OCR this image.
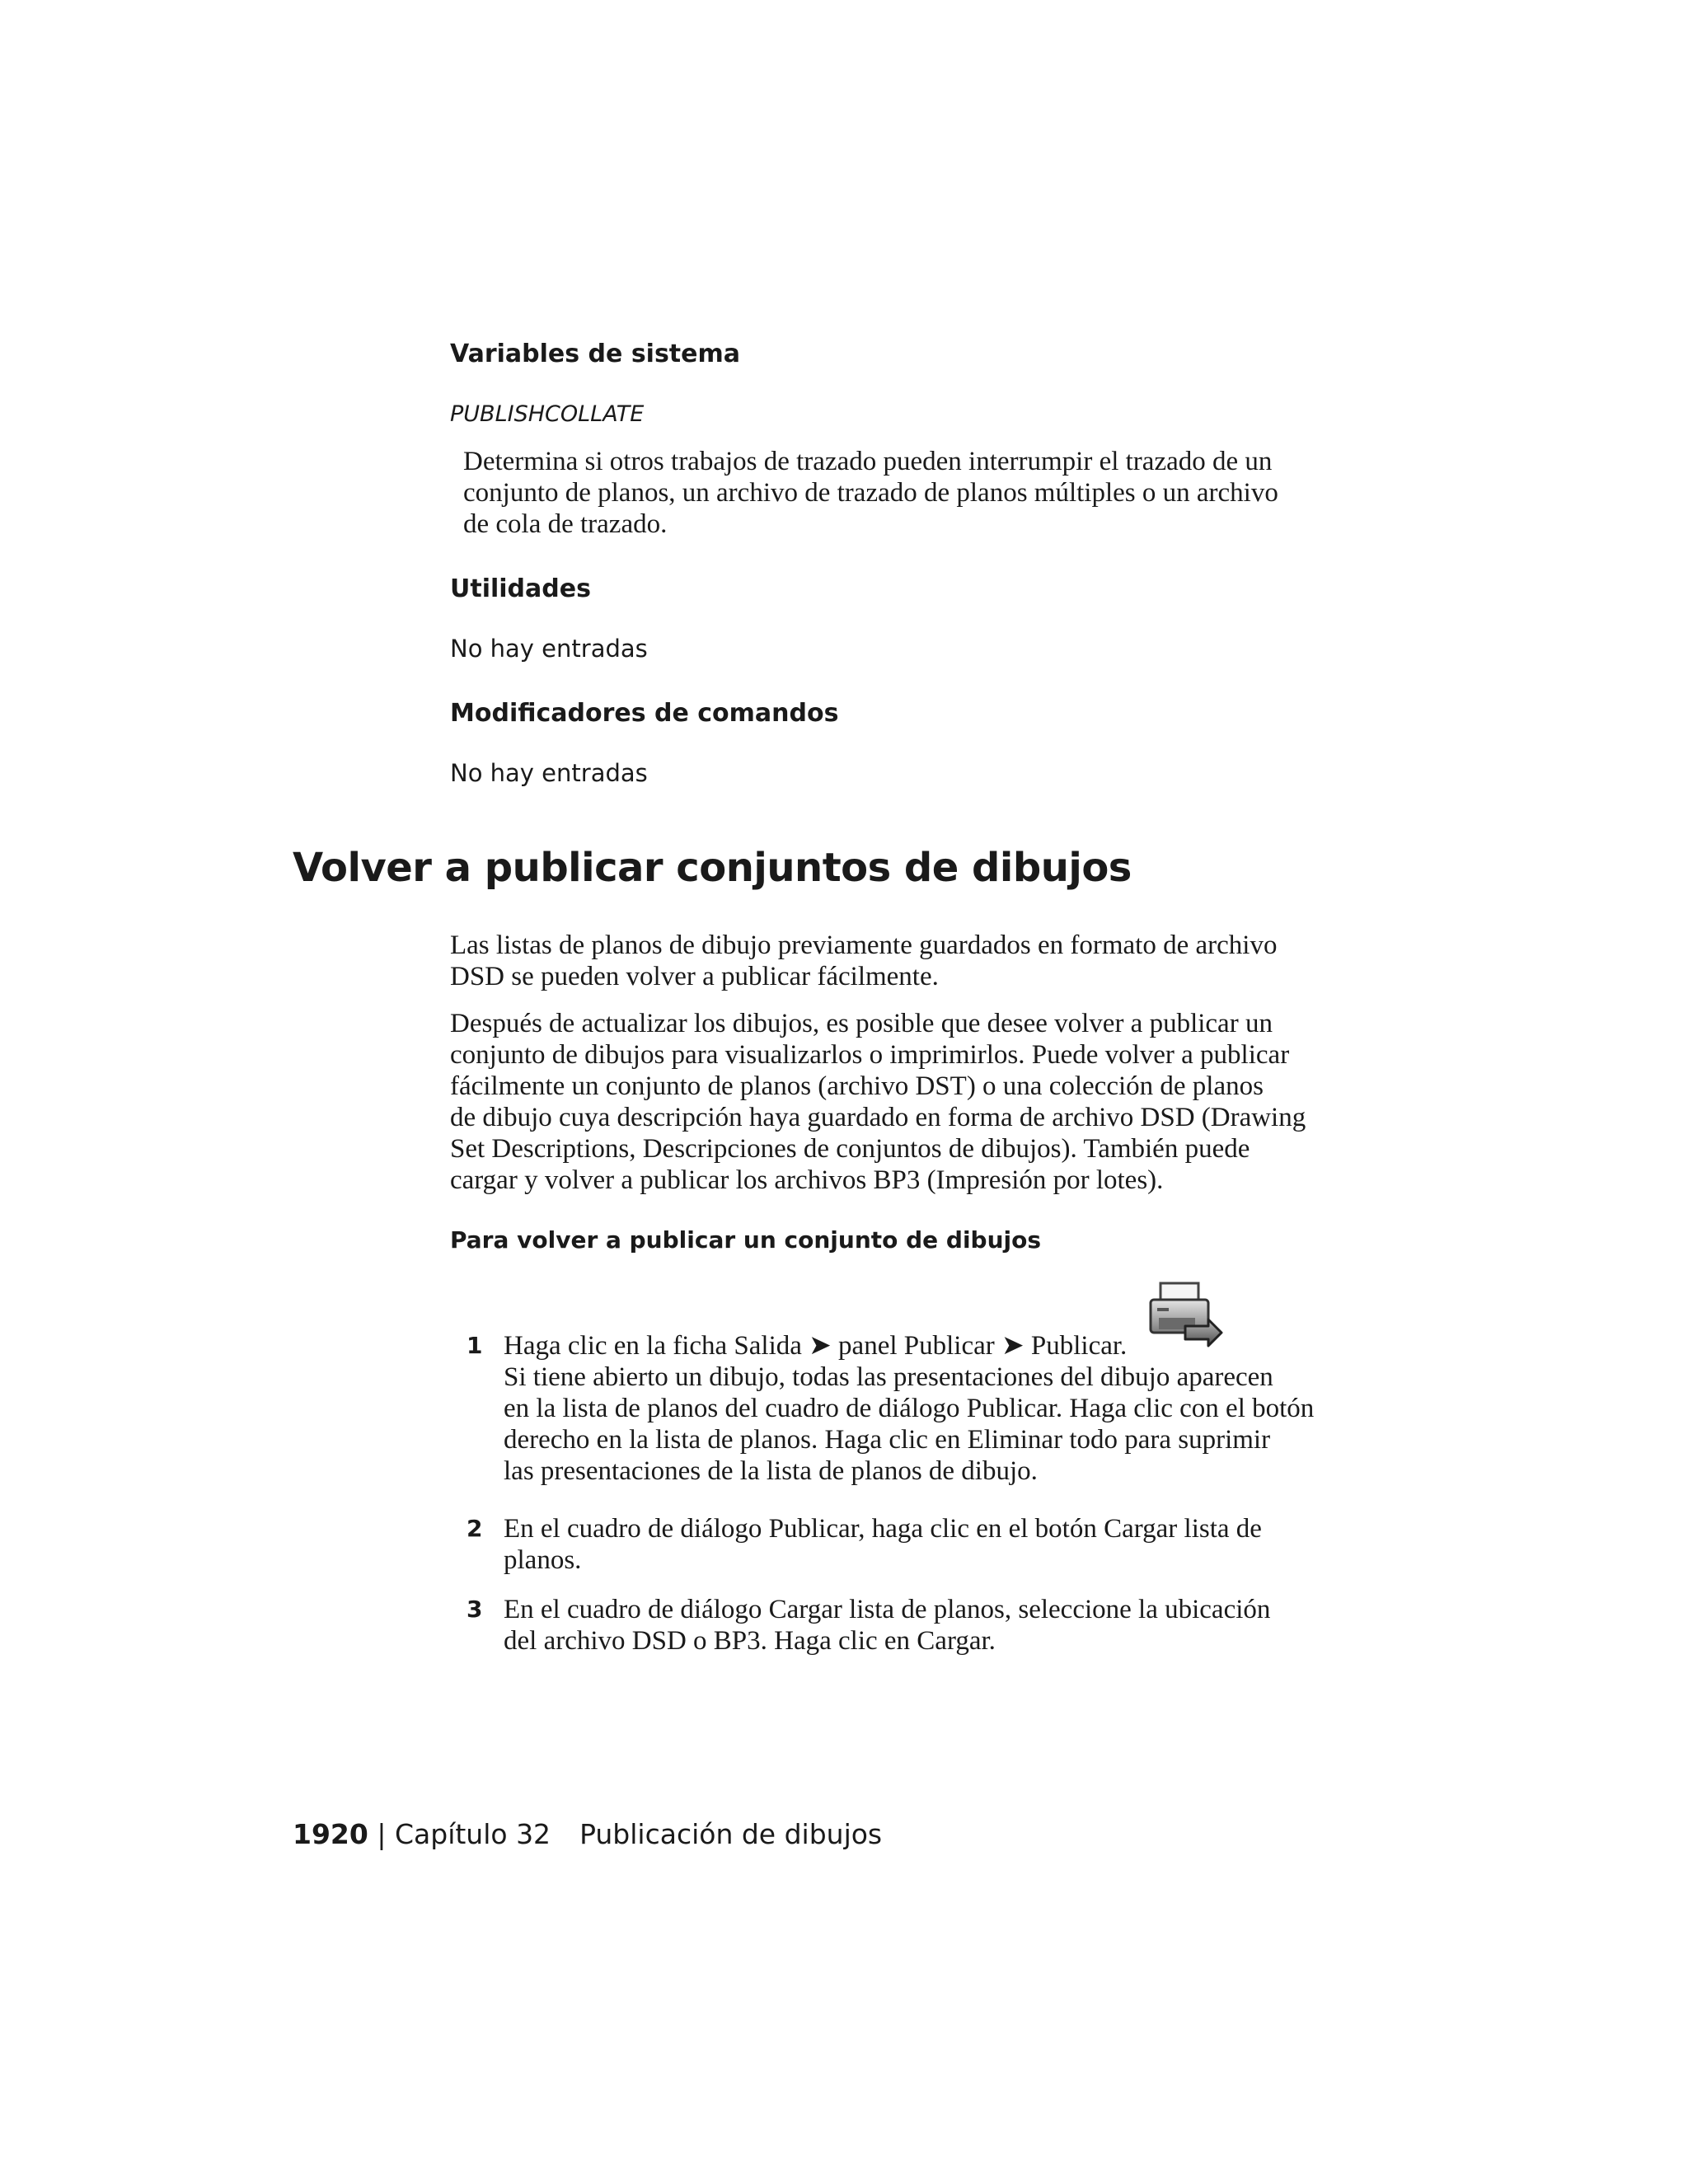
Variables de sistema

PUBLISHCOLLATE

Determina si otros trabajos de trazado pueden interrumpir el trazado de un

conjunto de planos, un archivo de trazado de planos múltiples o un archivo

de cola de trazado.

Utilidades

No hay entradas

Modificadores de comandos

No hay entradas

Volver a publicar conjuntos de dibujos

Las listas de planos de dibujo previamente guardados en formato de archivo

DSD se pueden volver a publicar fácilmente.

Después de actualizar los dibujos, es posible que desee volver a publicar un

conjunto de dibujos para visualizarlos o imprimirlos. Puede volver a publicar

fácilmente un conjunto de planos (archivo DST) o una colección de planos

de dibujo cuya descripción haya guardado en forma de archivo DSD (Drawing

Set Descriptions, Descripciones de conjuntos de dibujos). También puede

cargar y volver a publicar los archivos BP3 (Impresión por lotes).

Para volver a publicar un conjunto de dibujos
1 Haga clic en la ficha Salida ➤ panel Publicar ➤ Publicar.

Si tiene abierto un dibujo, todas las presentaciones del dibujo aparecen

en la lista de planos del cuadro de diálogo Publicar. Haga clic con el botón

derecho en la lista de planos. Haga clic en Eliminar todo para suprimir

las presentaciones de la lista de planos de dibujo.

2 En el cuadro de diálogo Publicar, haga clic en el botón Cargar lista de

planos.

3 En el cuadro de diálogo Cargar lista de planos, seleccione la ubicación

del archivo DSD o BP3. Haga clic en Cargar.

1920 | Capítulo 32 Publicación de dibujos
